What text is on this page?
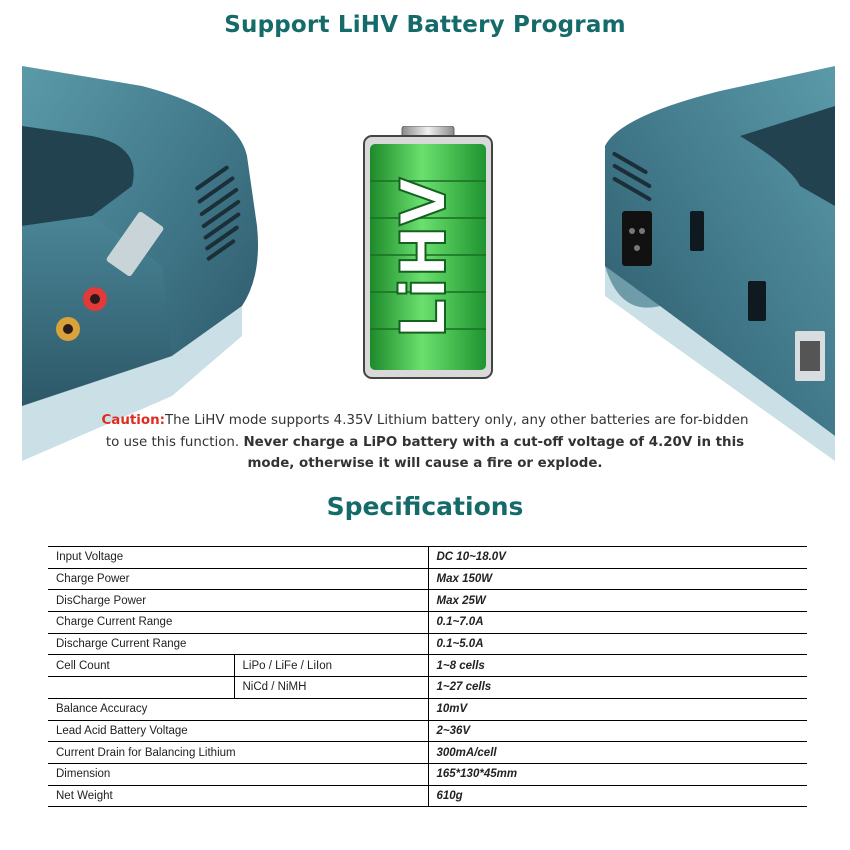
Support LiHV Battery Program
LiHV
Caution:The LiHV mode supports 4.35V Lithium battery only, any other batteries are for-bidden to use this function. Never charge a LiPO battery with a cut-off voltage of 4.20V in this mode, otherwise it will cause a fire or explode.
Specifications
Input Voltage		DC 10~18.0V
Charge Power		Max 150W
DisCharge Power		Max 25W
Charge Current Range		0.1~7.0A
Discharge Current Range		0.1~5.0A
Cell Count	LiPo / LiFe / LiIon	1~8 cells
	NiCd / NiMH	1~27 cells
Balance Accuracy		10mV
Lead Acid Battery Voltage		2~36V
Current Drain for Balancing Lithium		300mA/cell
Dimension		165*130*45mm
Net Weight		610g
